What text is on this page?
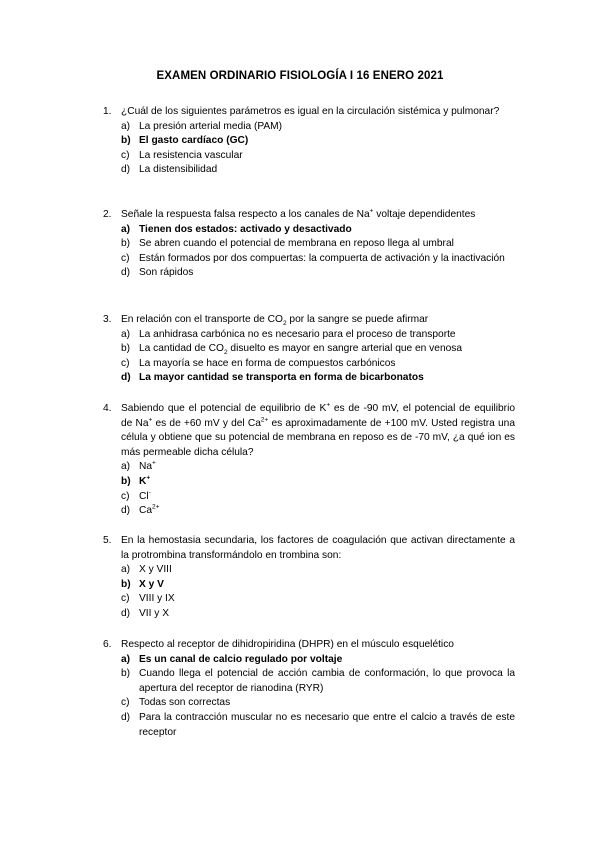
EXAMEN ORDINARIO FISIOLOGÍA I 16 ENERO 2021
1. ¿Cuál de los siguientes parámetros es igual en la circulación sistémica y pulmonar?
a) La presión arterial media (PAM)
b) El gasto cardíaco (GC)
c) La resistencia vascular
d) La distensibilidad
2. Señale la respuesta falsa respecto a los canales de Na+ voltaje dependidentes
a) Tienen dos estados: activado y desactivado
b) Se abren cuando el potencial de membrana en reposo llega al umbral
c) Están formados por dos compuertas: la compuerta de activación y la inactivación
d) Son rápidos
3. En relación con el transporte de $CO_2$ por la sangre se puede afirmar
a) La anhidrasa carbónica no es necesario para el proceso de transporte
b) La cantidad de $CO_2$ disuelto es mayor en sangre arterial que en venosa
c) La mayoría se hace en forma de compuestos carbónicos
d) La mayor cantidad se transporta en forma de bicarbonatos
4. Sabiendo que el potencial de equilibrio de K+ es de -90 mV, el potencial de equilibrio de Na+ es de +60 mV y del $Ca^{2+}$ es aproximadamente de +100 mV. Usted registra una célula y obtiene que su potencial de membrana en reposo es de -70 mV, ¿a qué ion es más permeable dicha célula?
a) Na+
b) K+
c) Cl-
d) $Ca^{2+}$
5. En la hemostasia secundaria, los factores de coagulación que activan directamente a la protrombina transformándolo en trombina son:
a) X y VIII
b) X y V
c) VIII y IX
d) VII y X
6. Respecto al receptor de dihidropiridina (DHPR) en el músculo esquelético
a) Es un canal de calcio regulado por voltaje
b) Cuando llega el potencial de acción cambia de conformación, lo que provoca la apertura del receptor de rianodina (RYR)
c) Todas son correctas
d) Para la contracción muscular no es necesario que entre el calcio a través de este receptor
